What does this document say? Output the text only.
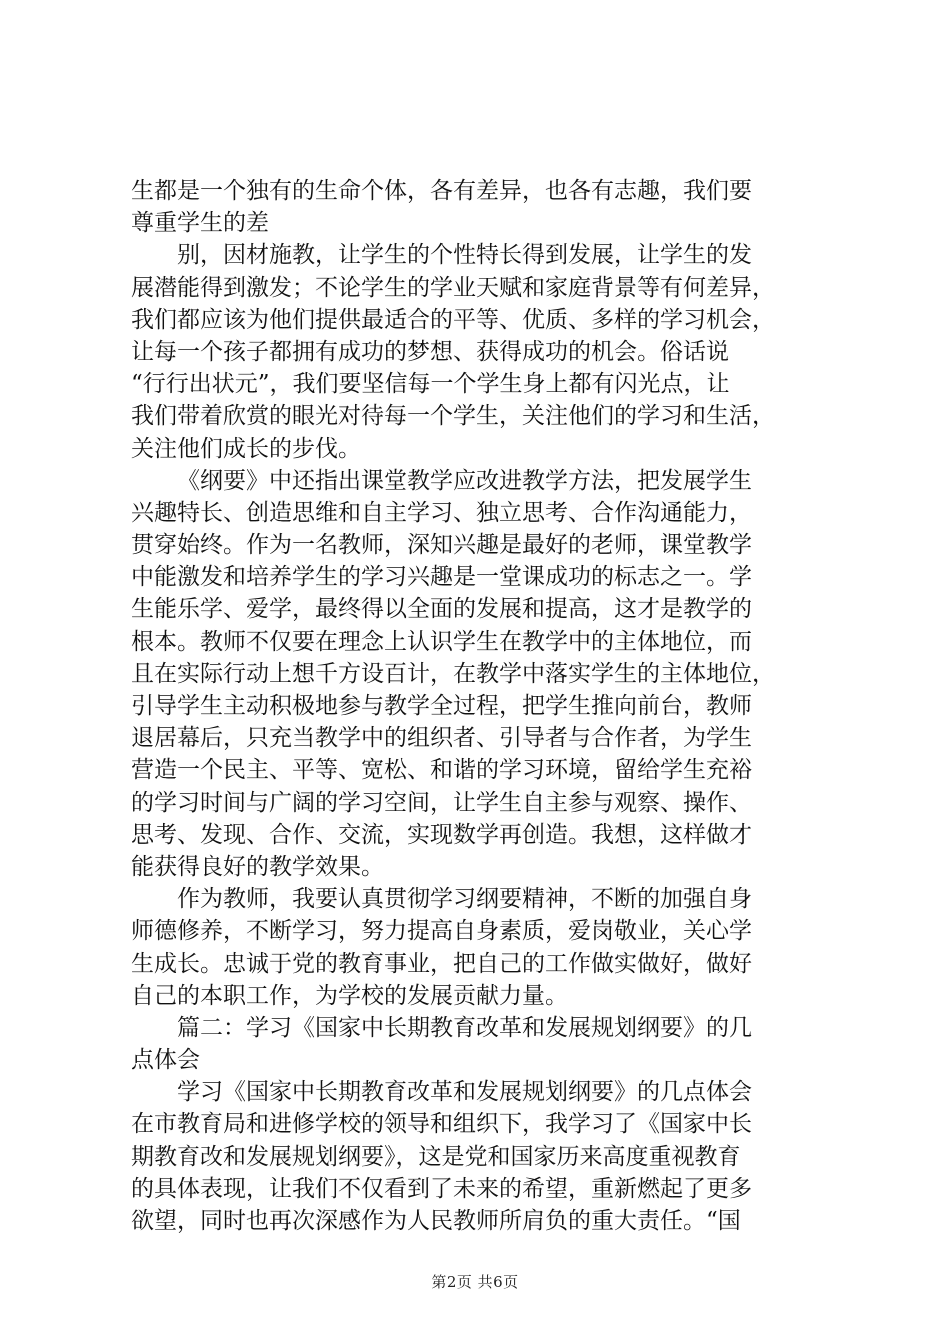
生都是一个独有的生命个体，各有差异，也各有志趣，我们要
尊重学生的差
别，因材施教，让学生的个性特长得到发展，让学生的发
展潜能得到激发；不论学生的学业天赋和家庭背景等有何差异，
我们都应该为他们提供最适合的平等、优质、多样的学习机会，
让每一个孩子都拥有成功的梦想、获得成功的机会。俗话说
“行行出状元”，我们要坚信每一个学生身上都有闪光点，让
我们带着欣赏的眼光对待每一个学生，关注他们的学习和生活，
关注他们成长的步伐。
《纲要》中还指出课堂教学应改进教学方法，把发展学生
兴趣特长、创造思维和自主学习、独立思考、合作沟通能力，
贯穿始终。作为一名教师，深知兴趣是最好的老师，课堂教学
中能激发和培养学生的学习兴趣是一堂课成功的标志之一。学
生能乐学、爱学，最终得以全面的发展和提高，这才是教学的
根本。教师不仅要在理念上认识学生在教学中的主体地位，而
且在实际行动上想千方设百计，在教学中落实学生的主体地位，
引导学生主动积极地参与教学全过程，把学生推向前台，教师
退居幕后，只充当教学中的组织者、引导者与合作者，为学生
营造一个民主、平等、宽松、和谐的学习环境，留给学生充裕
的学习时间与广阔的学习空间，让学生自主参与观察、操作、
思考、发现、合作、交流，实现数学再创造。我想，这样做才
能获得良好的教学效果。
作为教师，我要认真贯彻学习纲要精神，不断的加强自身
师德修养，不断学习，努力提高自身素质，爱岗敬业，关心学
生成长。忠诚于党的教育事业，把自己的工作做实做好，做好
自己的本职工作，为学校的发展贡献力量。
篇二：学习《国家中长期教育改革和发展规划纲要》的几
点体会
学习《国家中长期教育改革和发展规划纲要》的几点体会
在市教育局和进修学校的领导和组织下，我学习了《国家中长
期教育改和发展规划纲要》，这是党和国家历来高度重视教育
的具体表现，让我们不仅看到了未来的希望，重新燃起了更多
欲望，同时也再次深感作为人民教师所肩负的重大责任。“国
第2页 共6页
